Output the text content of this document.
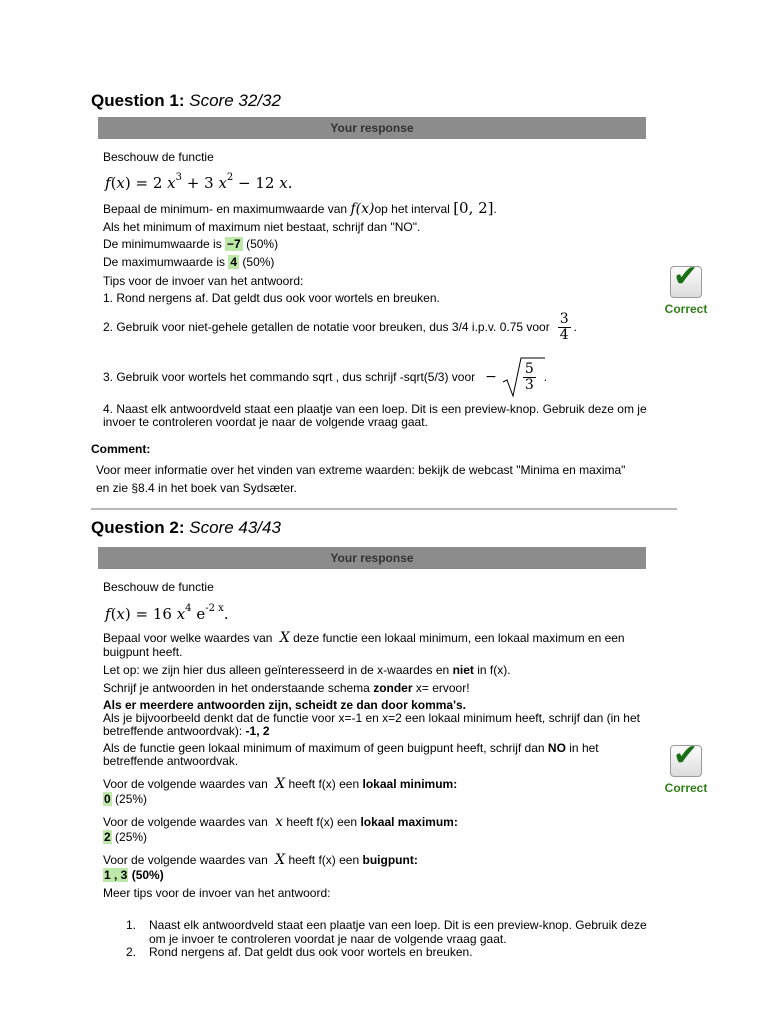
Question 1: Score 32/32
Your response
Beschouw de functie
f(x) = 2 $x^3 + 3$ $x^2 - 12$ x.
Bepaal de minimum- en maximumwaarde van f(x)op het interval [0, 2].
Als het minimum of maximum niet bestaat, schrijf dan "NO".
De minimumwaarde is −7 (50%)
De maximumwaarde is 4 (50%)
Tips voor de invoer van het antwoord:
1. Rond nergens af. Dat geldt dus ook voor wortels en breuken.
2. Gebruik voor niet-gehele getallen de notatie voor breuken, dus 3/4 i.p.v. 0.75 voor $\frac{3}{4}$ .
3. Gebruik voor wortels het commando sqrt , dus schrijf -sqrt(5/3) voor − $\frac{5}{3}$ .
4. Naast elk antwoordveld staat een plaatje van een loep. Dit is een preview-knop. Gebruik deze om je
invoer te controleren voordat je naar de volgende vraag gaat.
Comment:
Voor meer informatie over het vinden van extreme waarden: bekijk de webcast "Minima en maxima"
en zie §8.4 in het boek van Sydsæter.
✔
Correct
Question 2: Score 43/43
Your response
Beschouw de functie
f(x) = 16 $x^4$ $e^{-2 x}$.
Bepaal voor welke waardes van X deze functie een lokaal minimum, een lokaal maximum en een
buigpunt heeft.
Let op: we zijn hier dus alleen geïnteresseerd in de x-waardes en niet in f(x).
Schrijf je antwoorden in het onderstaande schema zonder x= ervoor!
Als er meerdere antwoorden zijn, scheidt ze dan door komma's.
Als je bijvoorbeeld denkt dat de functie voor x=-1 en x=2 een lokaal minimum heeft, schrijf dan (in het
betreffende antwoordvak): -1, 2
Als de functie geen lokaal minimum of maximum of geen buigpunt heeft, schrijf dan NO in het
betreffende antwoordvak.
Voor de volgende waardes van X heeft f(x) een lokaal minimum:
0 (25%)
Voor de volgende waardes van x heeft f(x) een lokaal maximum:
2 (25%)
Voor de volgende waardes van X heeft f(x) een buigpunt:
1 , 3 (50%)
Meer tips voor de invoer van het antwoord:
1. Naast elk antwoordveld staat een plaatje van een loep. Dit is een preview-knop. Gebruik deze
om je invoer te controleren voordat je naar de volgende vraag gaat.
2. Rond nergens af. Dat geldt dus ook voor wortels en breuken.
✔
Correct
